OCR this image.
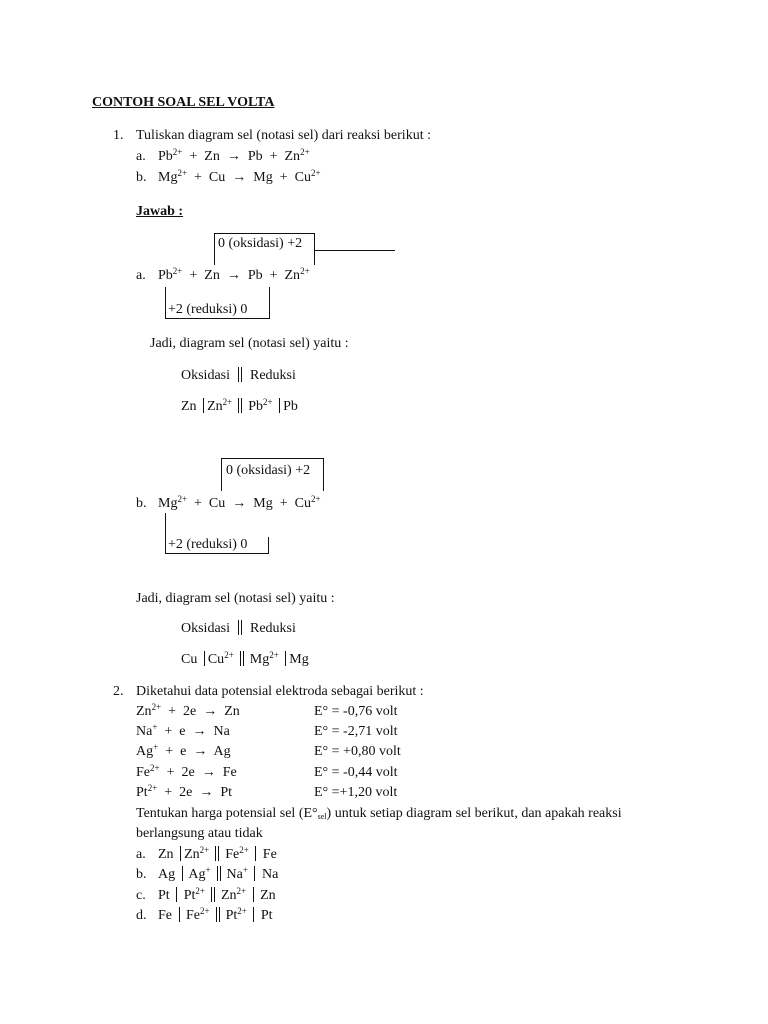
CONTOH SOAL SEL VOLTA
1. Tuliskan diagram sel (notasi sel) dari reaksi berikut :
a. $Pb^{2+} + Zn \to Pb + Zn^{2+}$
b. $Mg^{2+} + Cu \to Mg + Cu^{2+}$
Jawab :
0 (oksidasi) +2
a. $Pb^{2+} + Zn \to Pb + Zn^{2+}$
+2 (reduksi) 0
Jadi, diagram sel (notasi sel) yaitu :
Oksidasi Reduksi
Zn $Zn^{2+}$ $Pb^{2+}$ Pb
0 (oksidasi) +2
b. $Mg^{2+} + Cu \to Mg + Cu^{2+}$
+2 (reduksi) 0
Jadi, diagram sel (notasi sel) yaitu :
Oksidasi Reduksi
Cu $Cu^{2+}$ $Mg^{2+}$ Mg
2. Diketahui data potensial elektroda sebagai berikut :
$Zn^{2+} + 2e \to Zn$	E° = -0,76 volt
Na+  +  e  →  Na	E° = -2,71 volt
Ag+  +  e  →  Ag	E° = +0,80 volt
$Fe^{2+} + 2e \to Fe$	E° = -0,44 volt
$Pt^{2+} + 2e \to Pt$	E° =+1,20 volt
Tentukan harga potensial sel $(E^\circ_{sel})$ untuk setiap diagram sel berikut, dan apakah reaksi
berlangsung atau tidak
a. Zn $Zn^{2+}$ $Fe^{2+}$  Fe
b. Ag  Ag+ Na+  Na
c. Pt  $Pt^{2+}$ $Zn^{2+}$  Zn
d. Fe  $Fe^{2+}$ $Pt^{2+}$  Pt
